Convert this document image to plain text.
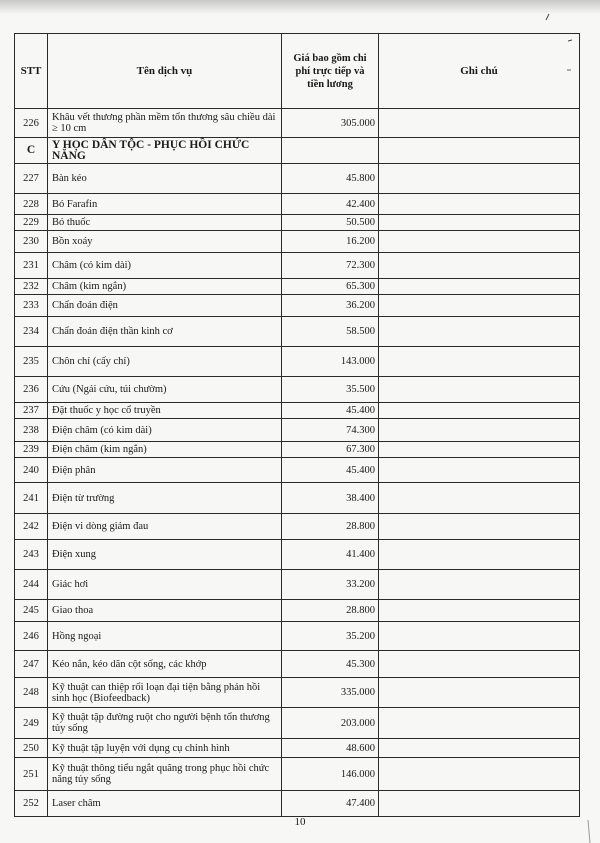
STT	Tên dịch vụ	Giá bao gồm chi phí trực tiếp và tiền lương	Ghi chú
226	Khâu vết thương phần mềm tổn thương sâu chiều dài ≥ 10 cm	305.000	
C	Y HỌC DÂN TỘC - PHỤC HỒI CHỨC NĂNG		
227	Bàn kéo	45.800	
228	Bó Farafin	42.400	
229	Bó thuốc	50.500	
230	Bồn xoáy	16.200	
231	Châm (có kim dài)	72.300	
232	Châm (kim ngắn)	65.300	
233	Chẩn đoán điện	36.200	
234	Chẩn đoán điện thần kinh cơ	58.500	
235	Chôn chỉ (cấy chỉ)	143.000	
236	Cứu (Ngải cứu, túi chườm)	35.500	
237	Đặt thuốc y học cổ truyền	45.400	
238	Điện châm (có kim dài)	74.300	
239	Điện châm (kim ngắn)	67.300	
240	Điện phân	45.400	
241	Điện từ trường	38.400	
242	Điện vi dòng giảm đau	28.800	
243	Điện xung	41.400	
244	Giác hơi	33.200	
245	Giao thoa	28.800	
246	Hồng ngoại	35.200	
247	Kéo nắn, kéo dãn cột sống, các khớp	45.300	
248	Kỹ thuật can thiệp rối loạn đại tiện bằng phản hồi sinh học (Biofeedback)	335.000	
249	Kỹ thuật tập đường ruột cho người bệnh tổn thương tủy sống	203.000	
250	Kỹ thuật tập luyện với dụng cụ chỉnh hình	48.600	
251	Kỹ thuật thông tiểu ngắt quãng trong phục hồi chức năng tủy sống	146.000	
252	Laser châm	47.400	
10
